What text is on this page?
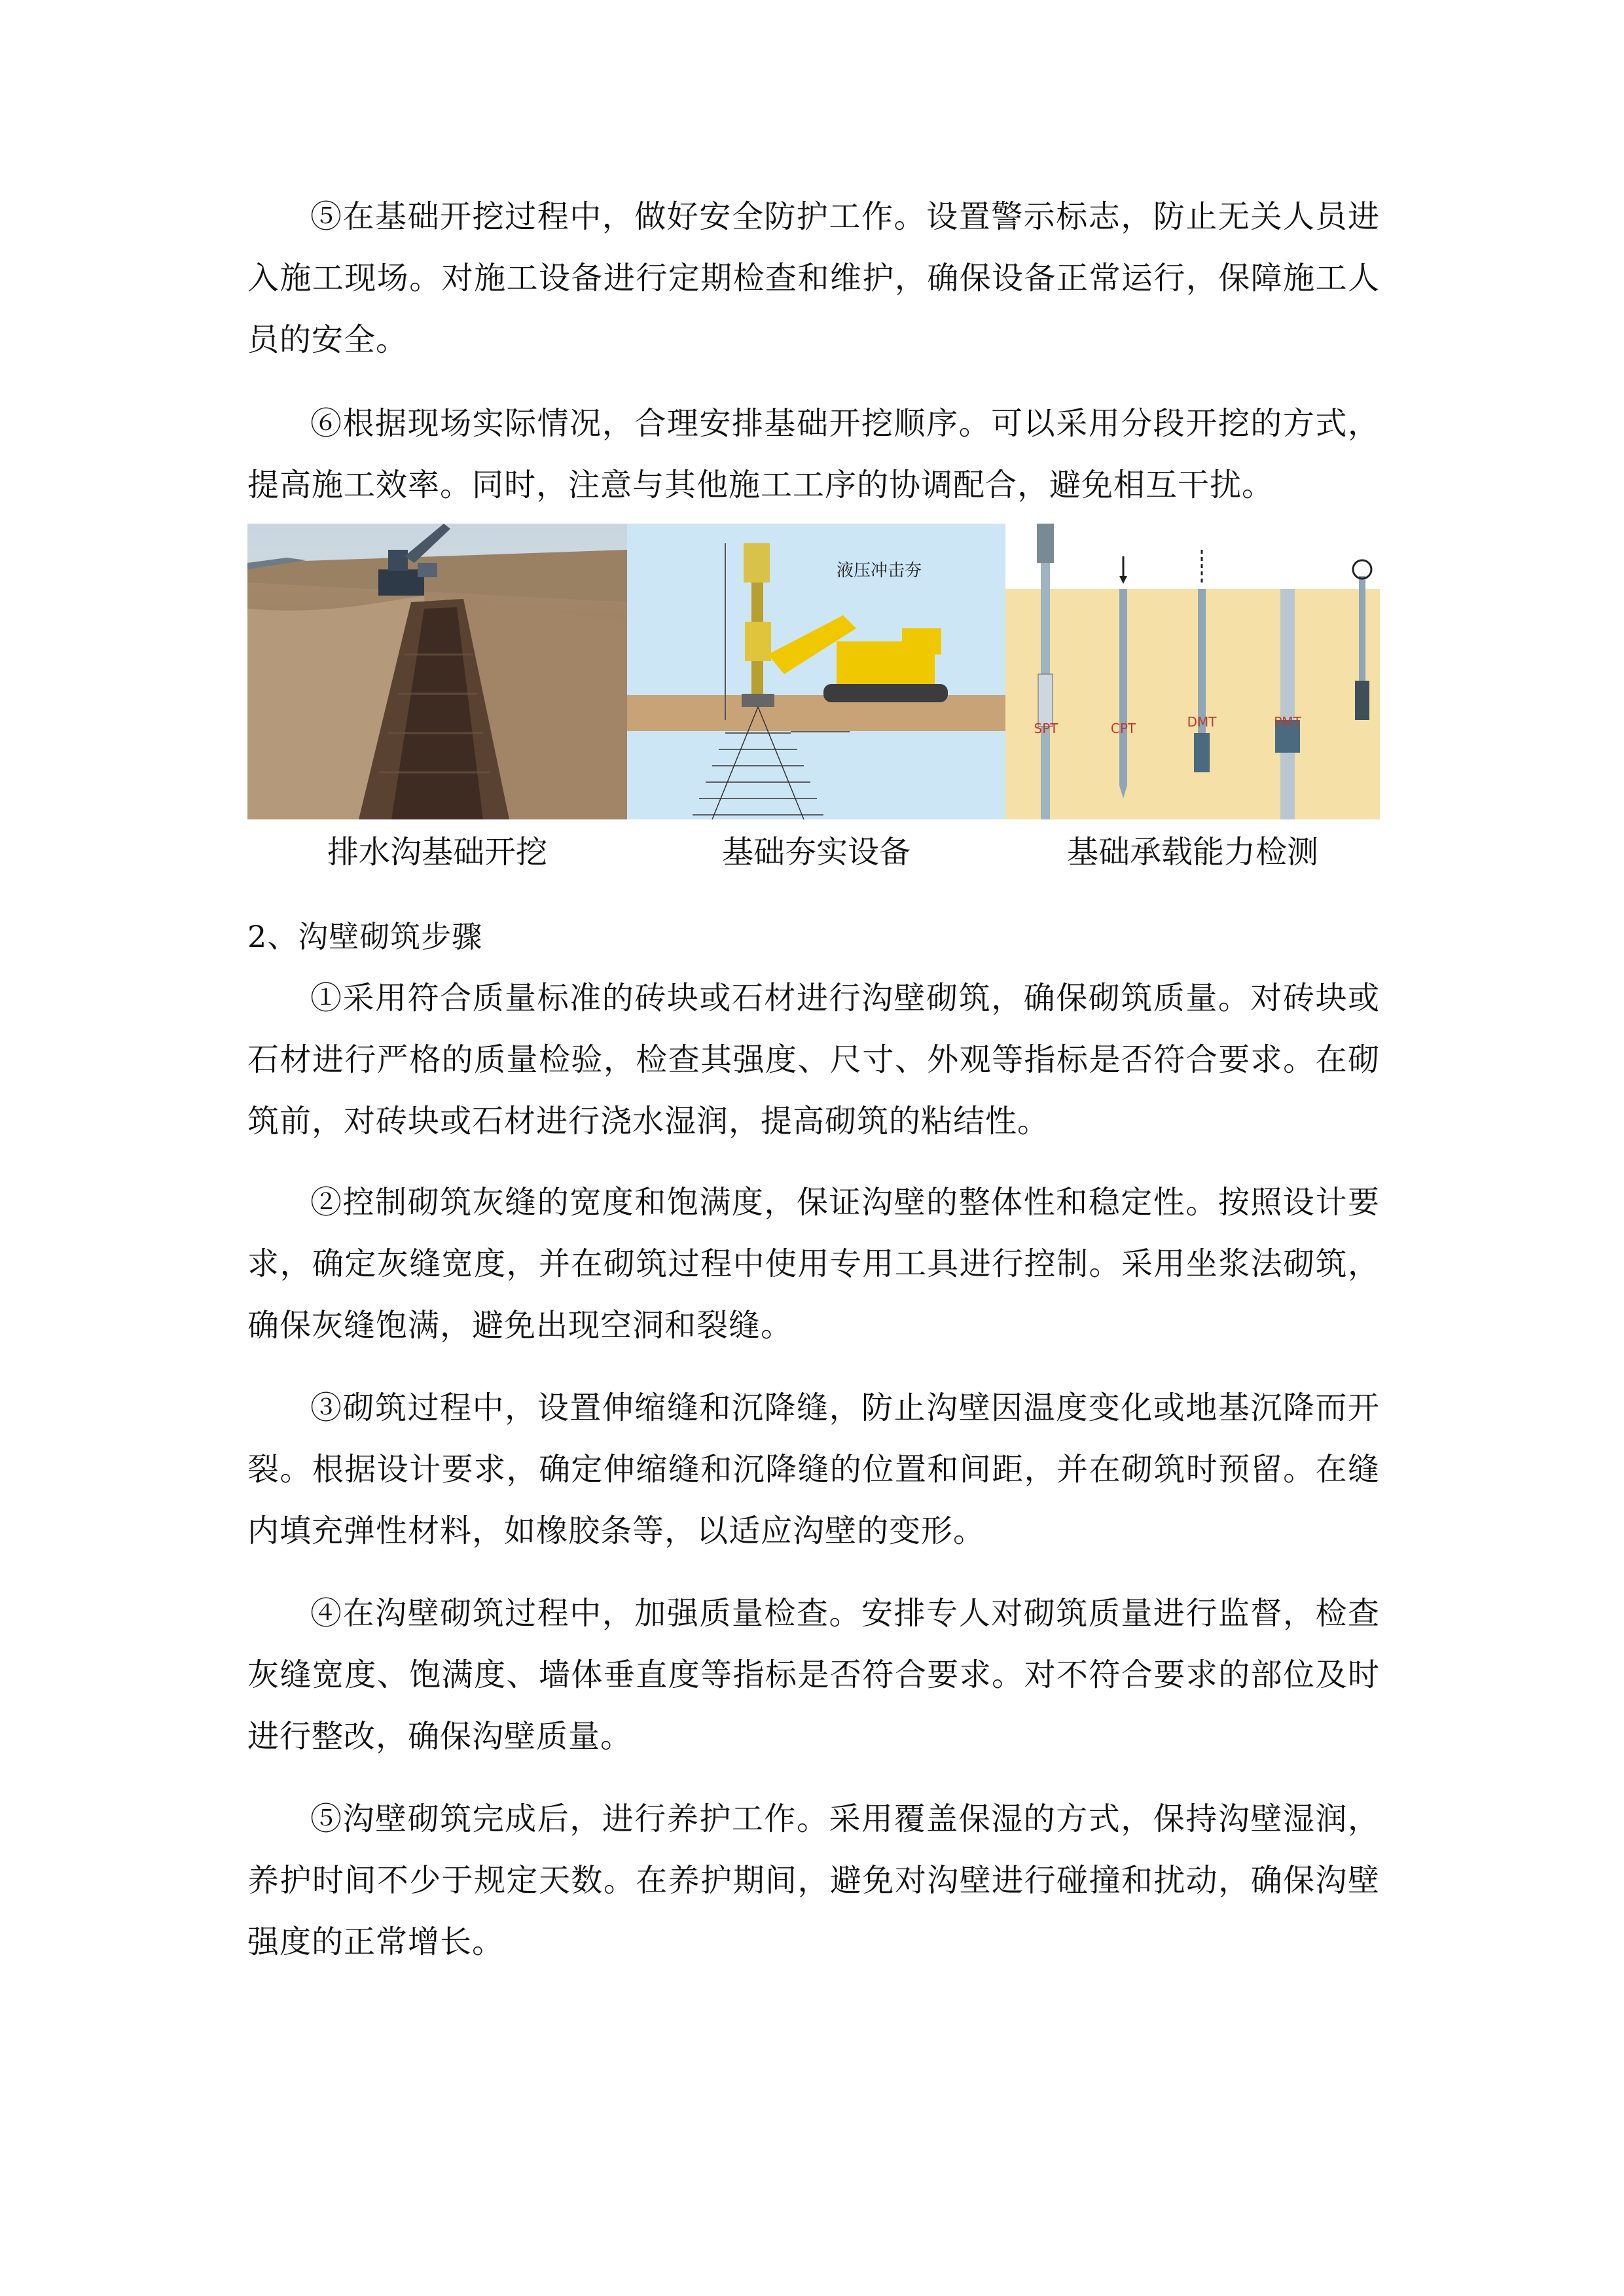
⑤在基础开挖过程中，做好安全防护工作。设置警示标志，防止无关人员进入施工现场。对施工设备进行定期检查和维护，确保设备正常运行，保障施工人员的安全。

⑥根据现场实际情况，合理安排基础开挖顺序。可以采用分段开挖的方式，提高施工效率。同时，注意与其他施工工序的协调配合，避免相互干扰。

液压冲击夯
SPT	CPT	DMT	PMT
排水沟基础开挖	基础夯实设备	基础承载能力检测

2、沟壁砌筑步骤

①采用符合质量标准的砖块或石材进行沟壁砌筑，确保砌筑质量。对砖块或石材进行严格的质量检验，检查其强度、尺寸、外观等指标是否符合要求。在砌筑前，对砖块或石材进行浇水湿润，提高砌筑的粘结性。

②控制砌筑灰缝的宽度和饱满度，保证沟壁的整体性和稳定性。按照设计要求，确定灰缝宽度，并在砌筑过程中使用专用工具进行控制。采用坐浆法砌筑，确保灰缝饱满，避免出现空洞和裂缝。

③砌筑过程中，设置伸缩缝和沉降缝，防止沟壁因温度变化或地基沉降而开裂。根据设计要求，确定伸缩缝和沉降缝的位置和间距，并在砌筑时预留。在缝内填充弹性材料，如橡胶条等，以适应沟壁的变形。

④在沟壁砌筑过程中，加强质量检查。安排专人对砌筑质量进行监督，检查灰缝宽度、饱满度、墙体垂直度等指标是否符合要求。对不符合要求的部位及时进行整改，确保沟壁质量。

⑤沟壁砌筑完成后，进行养护工作。采用覆盖保湿的方式，保持沟壁湿润，养护时间不少于规定天数。在养护期间，避免对沟壁进行碰撞和扰动，确保沟壁强度的正常增长。
